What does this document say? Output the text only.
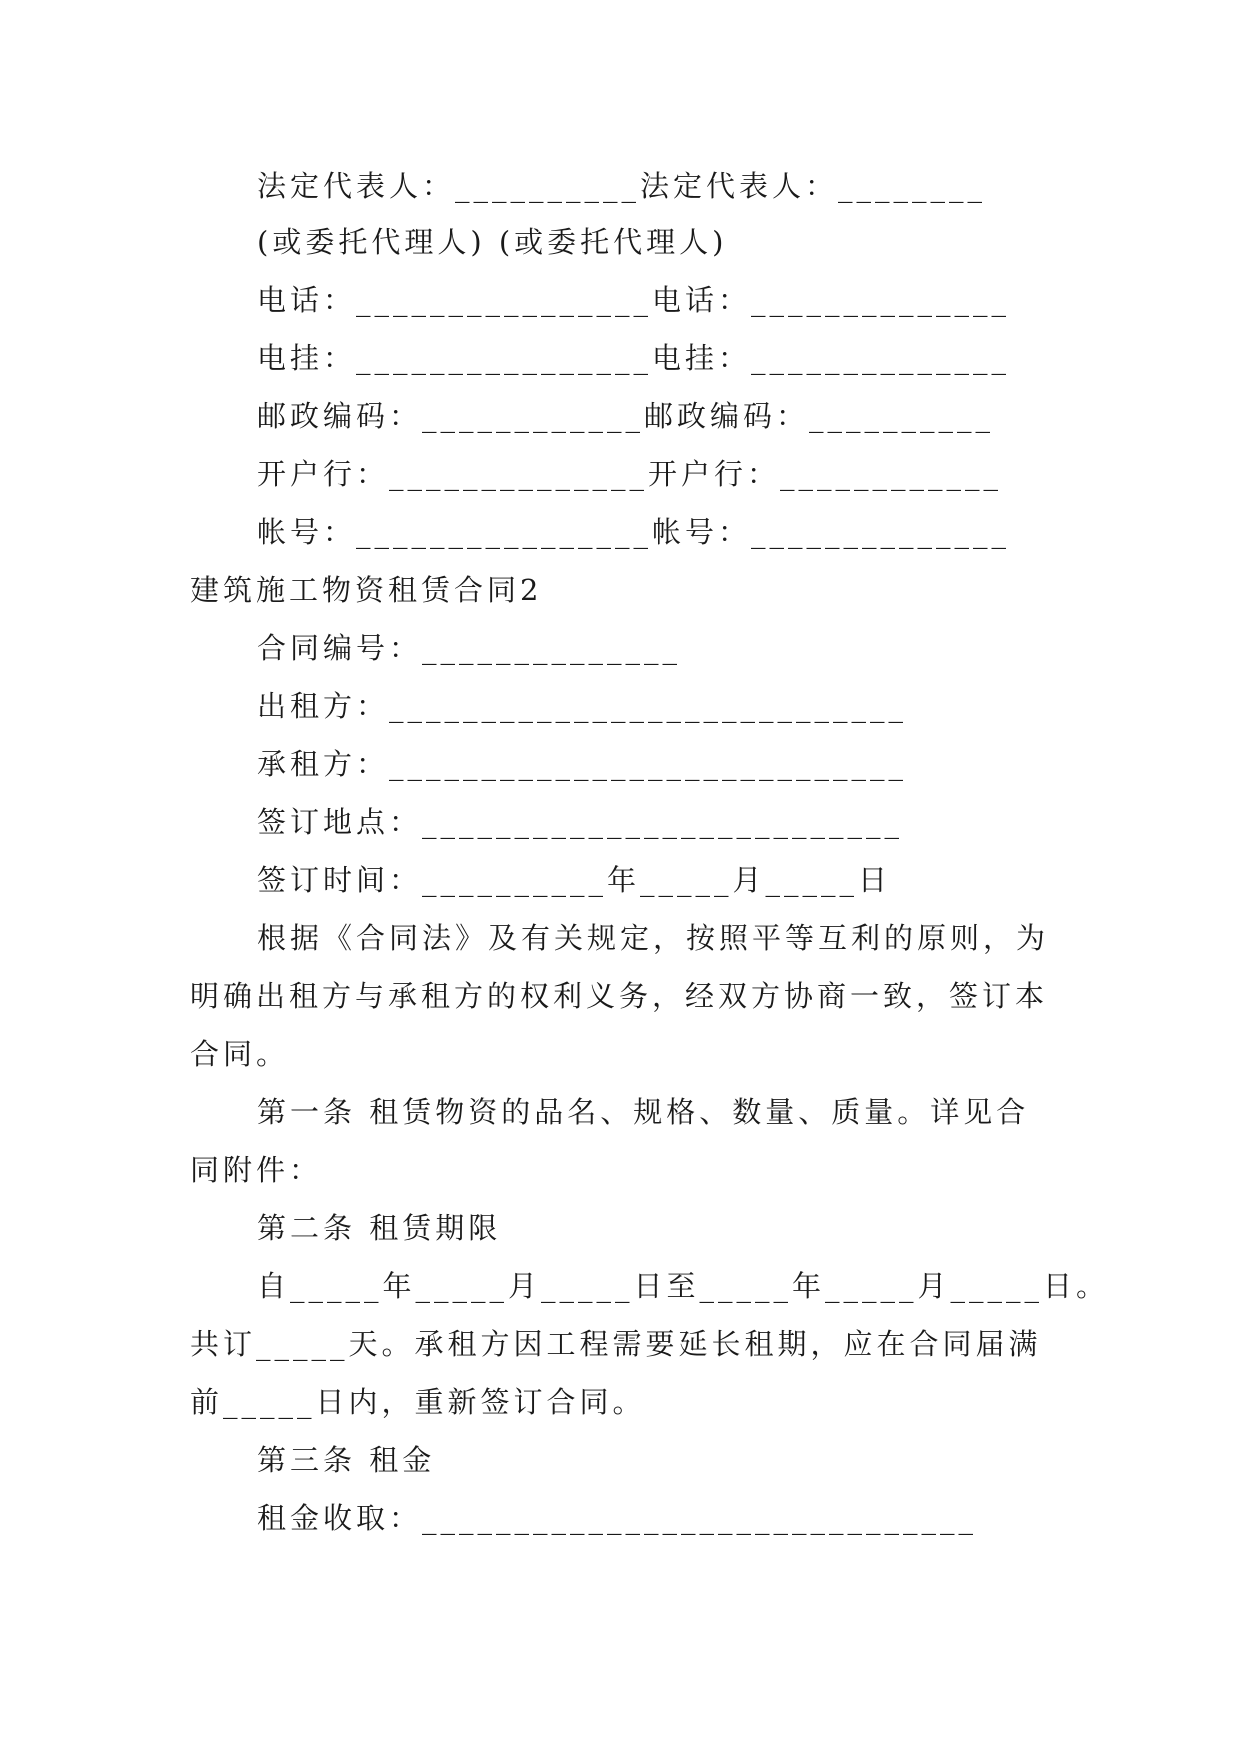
法定代表人：__________法定代表人：________
(或委托代理人) (或委托代理人)
电话：________________电话：______________
电挂：________________电挂：______________
邮政编码：____________邮政编码：__________
开户行：______________开户行：____________
帐号：________________帐号：______________
建筑施工物资租赁合同2
合同编号：______________
出租方：____________________________
承租方：____________________________
签订地点：__________________________
签订时间：__________年_____月_____日
根据《合同法》及有关规定，按照平等互利的原则，为
明确出租方与承租方的权利义务，经双方协商一致，签订本
合同。
第一条 租赁物资的品名、规格、数量、质量。详见合
同附件：
第二条 租赁期限
自_____年_____月_____日至_____年_____月_____日。
共订_____天。承租方因工程需要延长租期，应在合同届满
前_____日内，重新签订合同。
第三条 租金
租金收取：______________________________
